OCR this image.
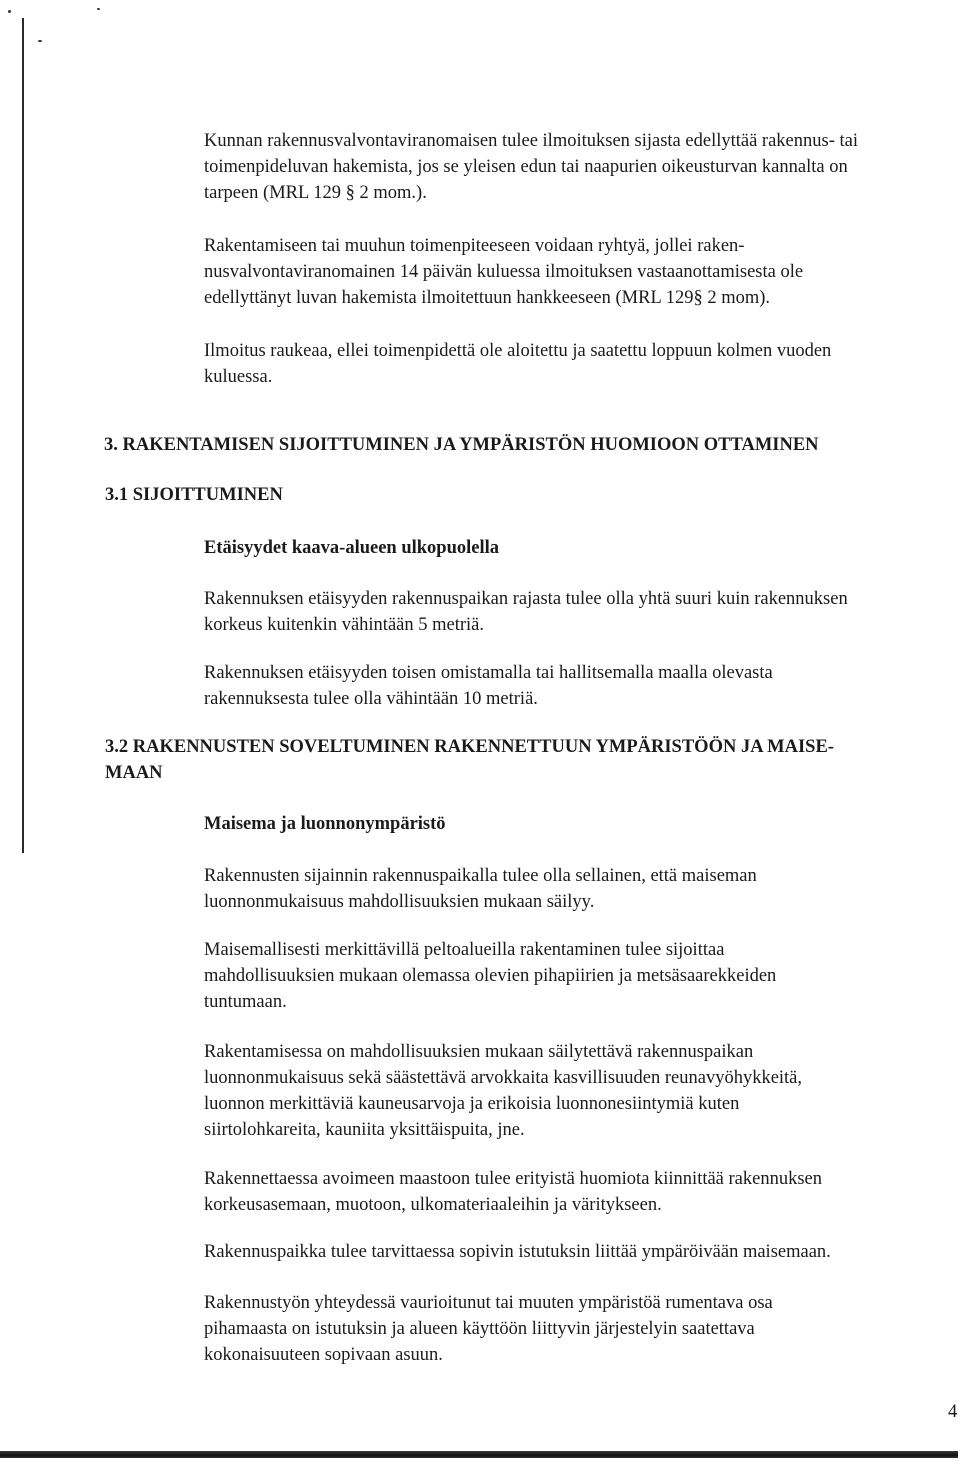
Kunnan rakennusvalvontaviranomaisen tulee ilmoituksen sijasta edellyttää rakennus- tai
toimenpideluvan hakemista, jos se yleisen edun tai naapurien oikeusturvan kannalta on
tarpeen (MRL 129 § 2 mom.).

Rakentamiseen tai muuhun toimenpiteeseen voidaan ryhtyä, jollei raken-
nusvalvontaviranomainen 14 päivän kuluessa ilmoituksen vastaanottamisesta ole
edellyttänyt luvan hakemista ilmoitettuun hankkeeseen (MRL 129§ 2 mom).

Ilmoitus raukeaa, ellei toimenpidettä ole aloitettu ja saatettu loppuun kolmen vuoden
kuluessa.

3. RAKENTAMISEN SIJOITTUMINEN JA YMPÄRISTÖN HUOMIOON OTTAMINEN
3.1 SIJOITTUMINEN
Etäisyydet kaava-alueen ulkopuolella

Rakennuksen etäisyyden rakennuspaikan rajasta tulee olla yhtä suuri kuin rakennuksen
korkeus kuitenkin vähintään 5 metriä.

Rakennuksen etäisyyden toisen omistamalla tai hallitsemalla maalla olevasta
rakennuksesta tulee olla vähintään 10 metriä.

3.2 RAKENNUSTEN SOVELTUMINEN RAKENNETTUUN YMPÄRISTÖÖN JA MAISE-
MAAN
Maisema ja luonnonympäristö

Rakennusten sijainnin rakennuspaikalla tulee olla sellainen, että maiseman
luonnonmukaisuus mahdollisuuksien mukaan säilyy.

Maisemallisesti merkittävillä peltoalueilla rakentaminen tulee sijoittaa
mahdollisuuksien mukaan olemassa olevien pihapiirien ja metsäsaarekkeiden
tuntumaan.

Rakentamisessa on mahdollisuuksien mukaan säilytettävä rakennuspaikan
luonnonmukaisuus sekä säästettävä arvokkaita kasvillisuuden reunavyöhykkeitä,
luonnon merkittäviä kauneusarvoja ja erikoisia luonnonesiintymiä kuten
siirtolohkareita, kauniita yksittäispuita, jne.

Rakennettaessa avoimeen maastoon tulee erityistä huomiota kiinnittää rakennuksen
korkeusasemaan, muotoon, ulkomateriaaleihin ja väritykseen.

Rakennuspaikka tulee tarvittaessa sopivin istutuksin liittää ympäröivään maisemaan.

Rakennustyön yhteydessä vaurioitunut tai muuten ympäristöä rumentava osa
pihamaasta on istutuksin ja alueen käyttöön liittyvin järjestelyin saatettava
kokonaisuuteen sopivaan asuun.

4
